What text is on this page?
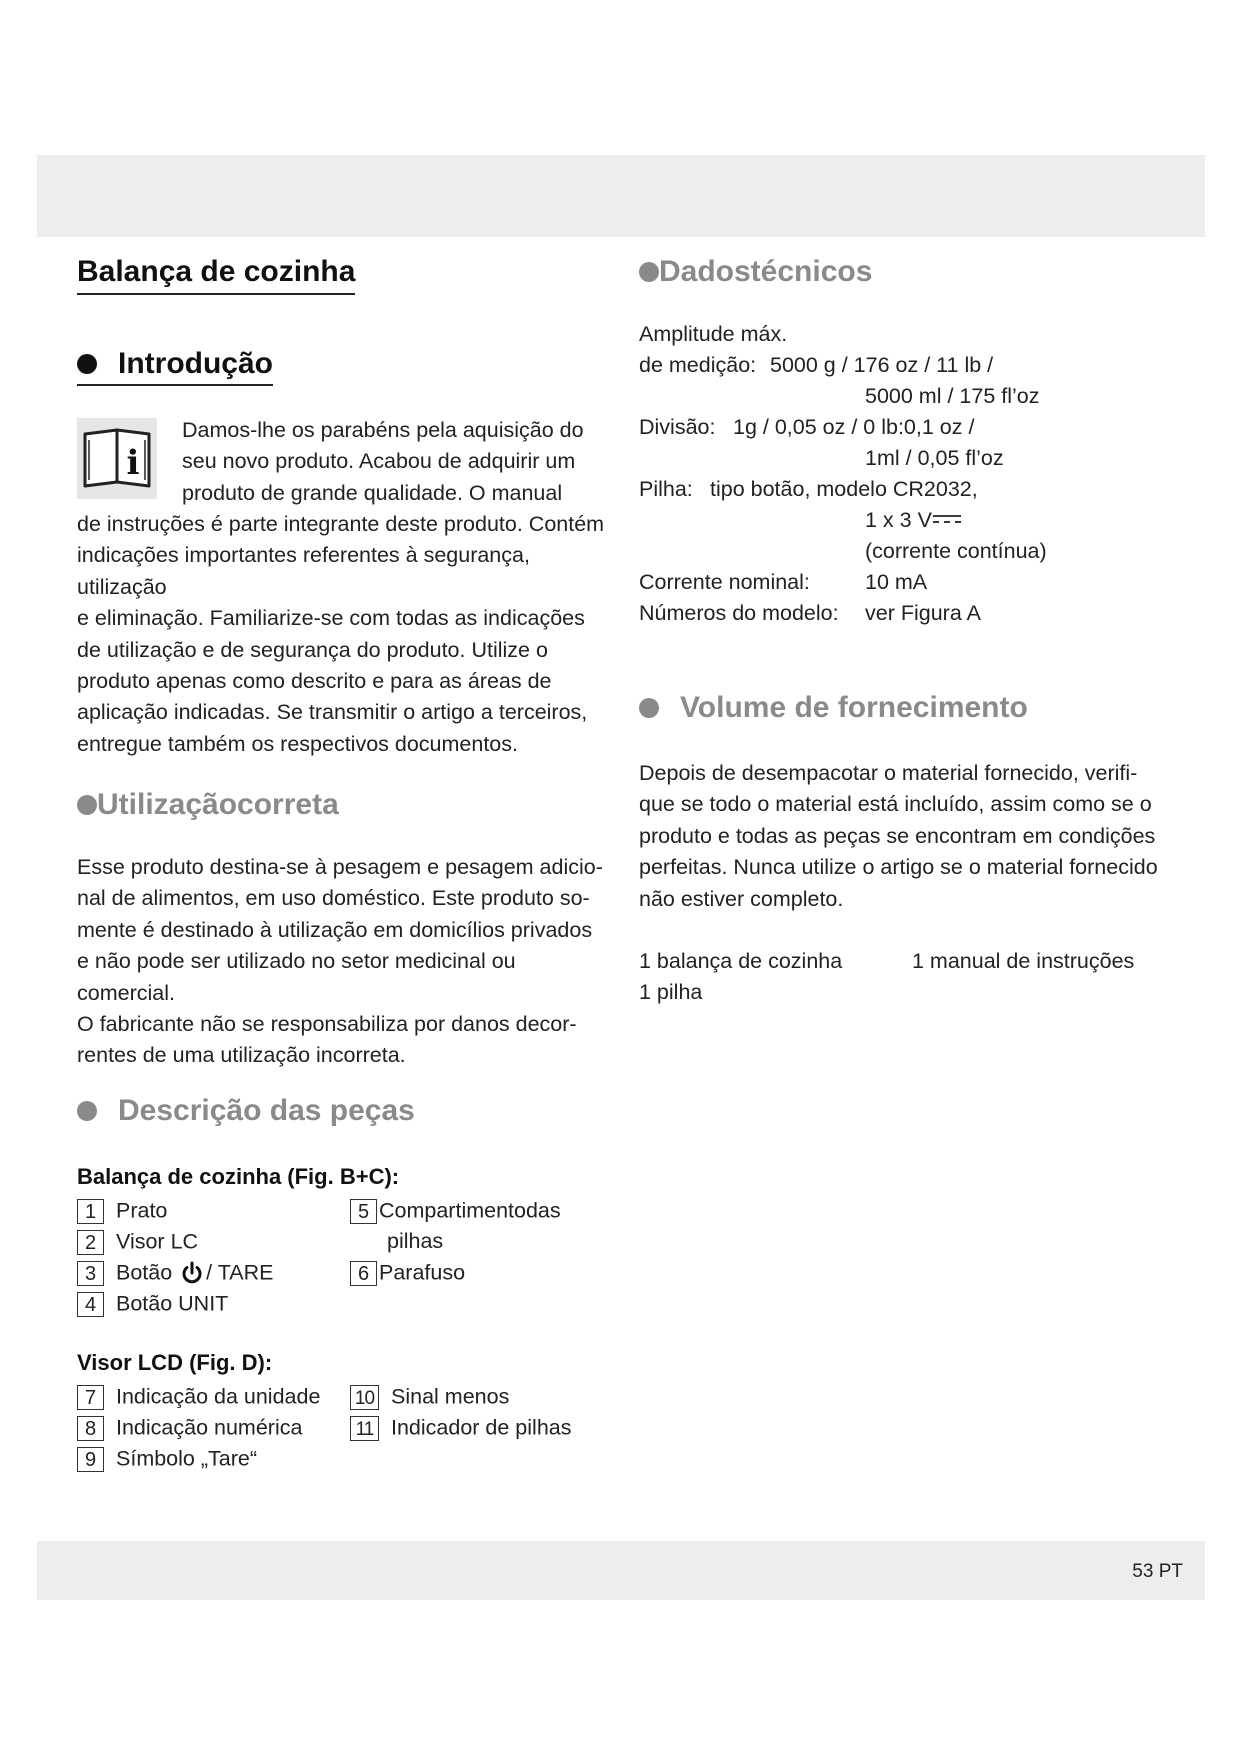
53 PT
Balança de cozinha
Introdução
i

Damos-lhe os parabéns pela aquisição do

seu novo produto. Acabou de adquirir um

produto de grande qualidade. O manual

de instruções é parte integrante deste produto. Contém

indicações importantes referentes à segurança, utilização

e eliminação. Familiarize-se com todas as indicações

de utilização e de segurança do produto. Utilize o

produto apenas como descrito e para as áreas de

aplicação indicadas. Se transmitir o artigo a terceiros,

entregue também os respectivos documentos.

Utilizaçãocorreta

Esse produto destina-se à pesagem e pesagem adicio-

nal de alimentos, em uso doméstico. Este produto so-

mente é destinado à utilização em domicílios privados

e não pode ser utilizado no setor medicinal ou comercial.

O fabricante não se responsabiliza por danos decor-

rentes de uma utilização incorreta.

Descrição das peças
Balança de cozinha (Fig. B+C):
1 Prato
2 Visor LC
3 Botão / TARE
4 Botão UNIT
5 Compartimentodas
pilhas
6 Parafuso
Visor LCD (Fig. D):
7 Indicação da unidade
8 Indicação numérica
9 Símbolo „Tare“
10 Sinal menos
11 Indicador de pilhas
Dadostécnicos
Amplitude máx.
de medição: 5000 g / 176 oz / 11 lb /
5000 ml / 175 fl’oz
Divisão: 1g / 0,05 oz / 0 lb:0,1 oz /
1ml / 0,05 fl’oz
Pilha: tipo botão, modelo CR2032,
1 x 3 V
(corrente contínua)
Corrente nominal:	10 mA
Números do modelo: ver Figura A
Volume de fornecimento

Depois de desempacotar o material fornecido, verifi-

que se todo o material está incluído, assim como se o

produto e todas as peças se encontram em condições

perfeitas. Nunca utilize o artigo se o material fornecido

não estiver completo.

1 balança de cozinha	1 manual de instruções
1 pilha
